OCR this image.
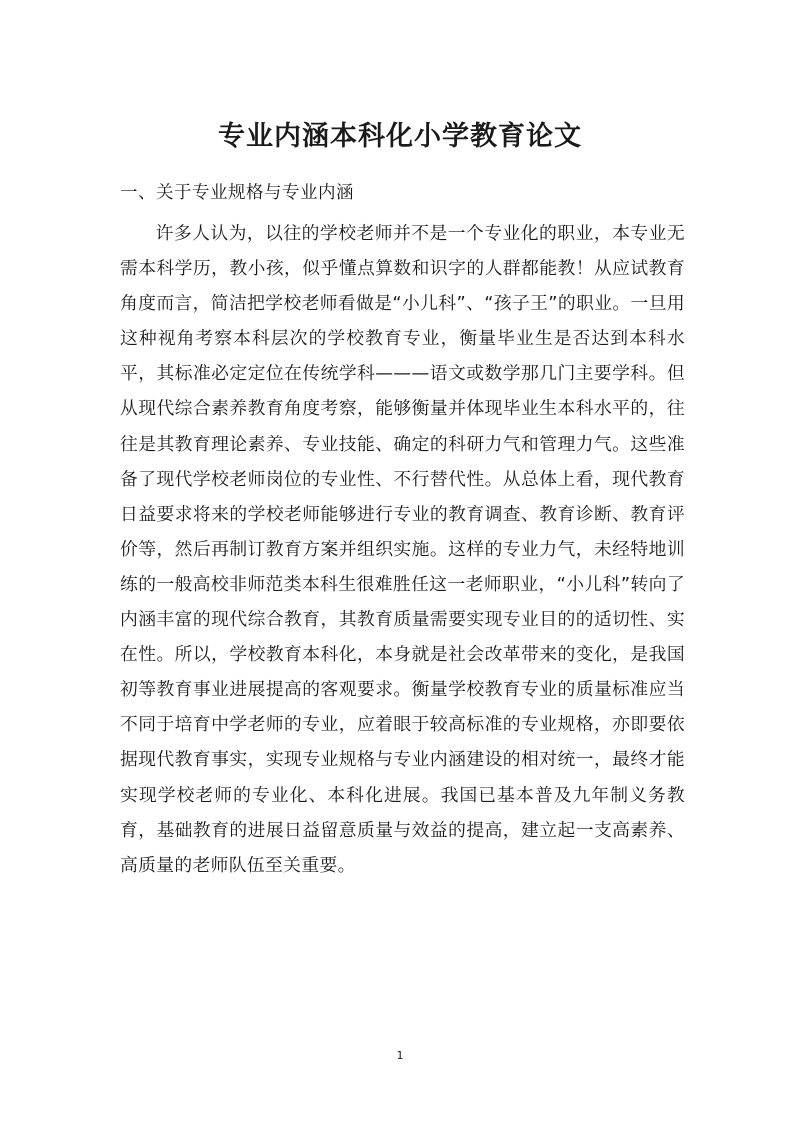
专业内涵本科化小学教育论文
一、关于专业规格与专业内涵

许多人认为，以往的学校老师并不是一个专业化的职业，本专业无需本科学历，教小孩，似乎懂点算数和识字的人群都能教！从应试教育角度而言，简洁把学校老师看做是“小儿科”、“孩子王”的职业。一旦用这种视角考察本科层次的学校教育专业，衡量毕业生是否达到本科水平，其标准必定定位在传统学科———语文或数学那几门主要学科。但从现代综合素养教育角度考察，能够衡量并体现毕业生本科水平的，往往是其教育理论素养、专业技能、确定的科研力气和管理力气。这些准备了现代学校老师岗位的专业性、不行替代性。从总体上看，现代教育日益要求将来的学校老师能够进行专业的教育调查、教育诊断、教育评价等，然后再制订教育方案并组织实施。这样的专业力气，未经特地训练的一般高校非师范类本科生很难胜任这一老师职业，“小儿科”转向了内涵丰富的现代综合教育，其教育质量需要实现专业目的的适切性、实在性。所以，学校教育本科化，本身就是社会改革带来的变化，是我国初等教育事业进展提高的客观要求。衡量学校教育专业的质量标准应当不同于培育中学老师的专业，应着眼于较高标准的专业规格，亦即要依据现代教育事实，实现专业规格与专业内涵建设的相对统一，最终才能实现学校老师的专业化、本科化进展。我国已基本普及九年制义务教育，基础教育的进展日益留意质量与效益的提高，建立起一支高素养、高质量的老师队伍至关重要。

1
